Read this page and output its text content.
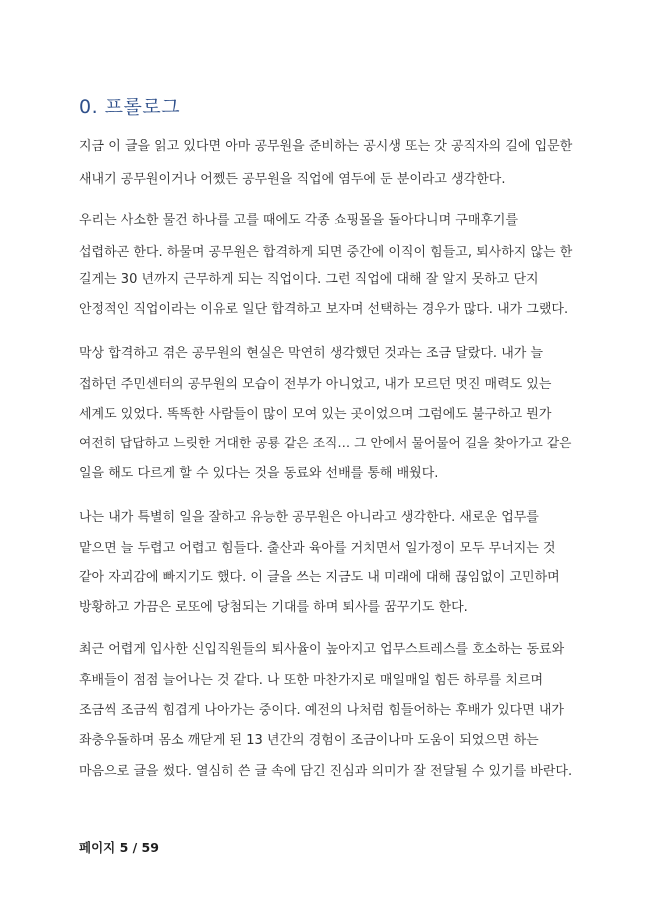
0. 프롤로그
지금 이 글을 읽고 있다면 아마 공무원을 준비하는 공시생 또는 갓 공직자의 길에 입문한
새내기 공무원이거나 어쩼든 공무원을 직업에 염두에 둔 분이라고 생각한다.
우리는 사소한 물건 하나를 고를 때에도 각종 쇼핑몰을 돌아다니며 구매후기를
섭렵하곤 한다. 하물며 공무원은 합격하게 되면 중간에 이직이 힘들고, 퇴사하지 않는 한
길게는 30 년까지 근무하게 되는 직업이다. 그런 직업에 대해 잘 알지 못하고 단지
안정적인 직업이라는 이유로 일단 합격하고 보자며 선택하는 경우가 많다. 내가 그랬다.
막상 합격하고 겪은 공무원의 현실은 막연히 생각했던 것과는 조금 달랐다. 내가 늘
접하던 주민센터의 공무원의 모습이 전부가 아니었고, 내가 모르던 멋진 매력도 있는
세계도 있었다. 똑똑한 사람들이 많이 모여 있는 곳이었으며 그럼에도 불구하고 뭔가
여전히 답답하고 느릿한 거대한 공룡 같은 조직… 그 안에서 물어물어 길을 찾아가고 같은
일을 해도 다르게 할 수 있다는 것을 동료와 선배를 통해 배웠다.
나는 내가 특별히 일을 잘하고 유능한 공무원은 아니라고 생각한다. 새로운 업무를
맡으면 늘 두렵고 어렵고 힘들다. 출산과 육아를 거치면서 일가정이 모두 무너지는 것
같아 자괴감에 빠지기도 했다. 이 글을 쓰는 지금도 내 미래에 대해 끊임없이 고민하며
방황하고 가끔은 로또에 당첨되는 기대를 하며 퇴사를 꿈꾸기도 한다.
최근 어렵게 입사한 신입직원들의 퇴사율이 높아지고 업무스트레스를 호소하는 동료와
후배들이 점점 늘어나는 것 같다. 나 또한 마찬가지로 매일매일 힘든 하루를 치르며
조금씩 조금씩 힘겹게 나아가는 중이다. 예전의 나처럼 힘들어하는 후배가 있다면 내가
좌충우돌하며 몸소 깨닫게 된 13 년간의 경험이 조금이나마 도움이 되었으면 하는
마음으로 글을 썼다. 열심히 쓴 글 속에 담긴 진심과 의미가 잘 전달될 수 있기를 바란다.
페이지 5 / 59
